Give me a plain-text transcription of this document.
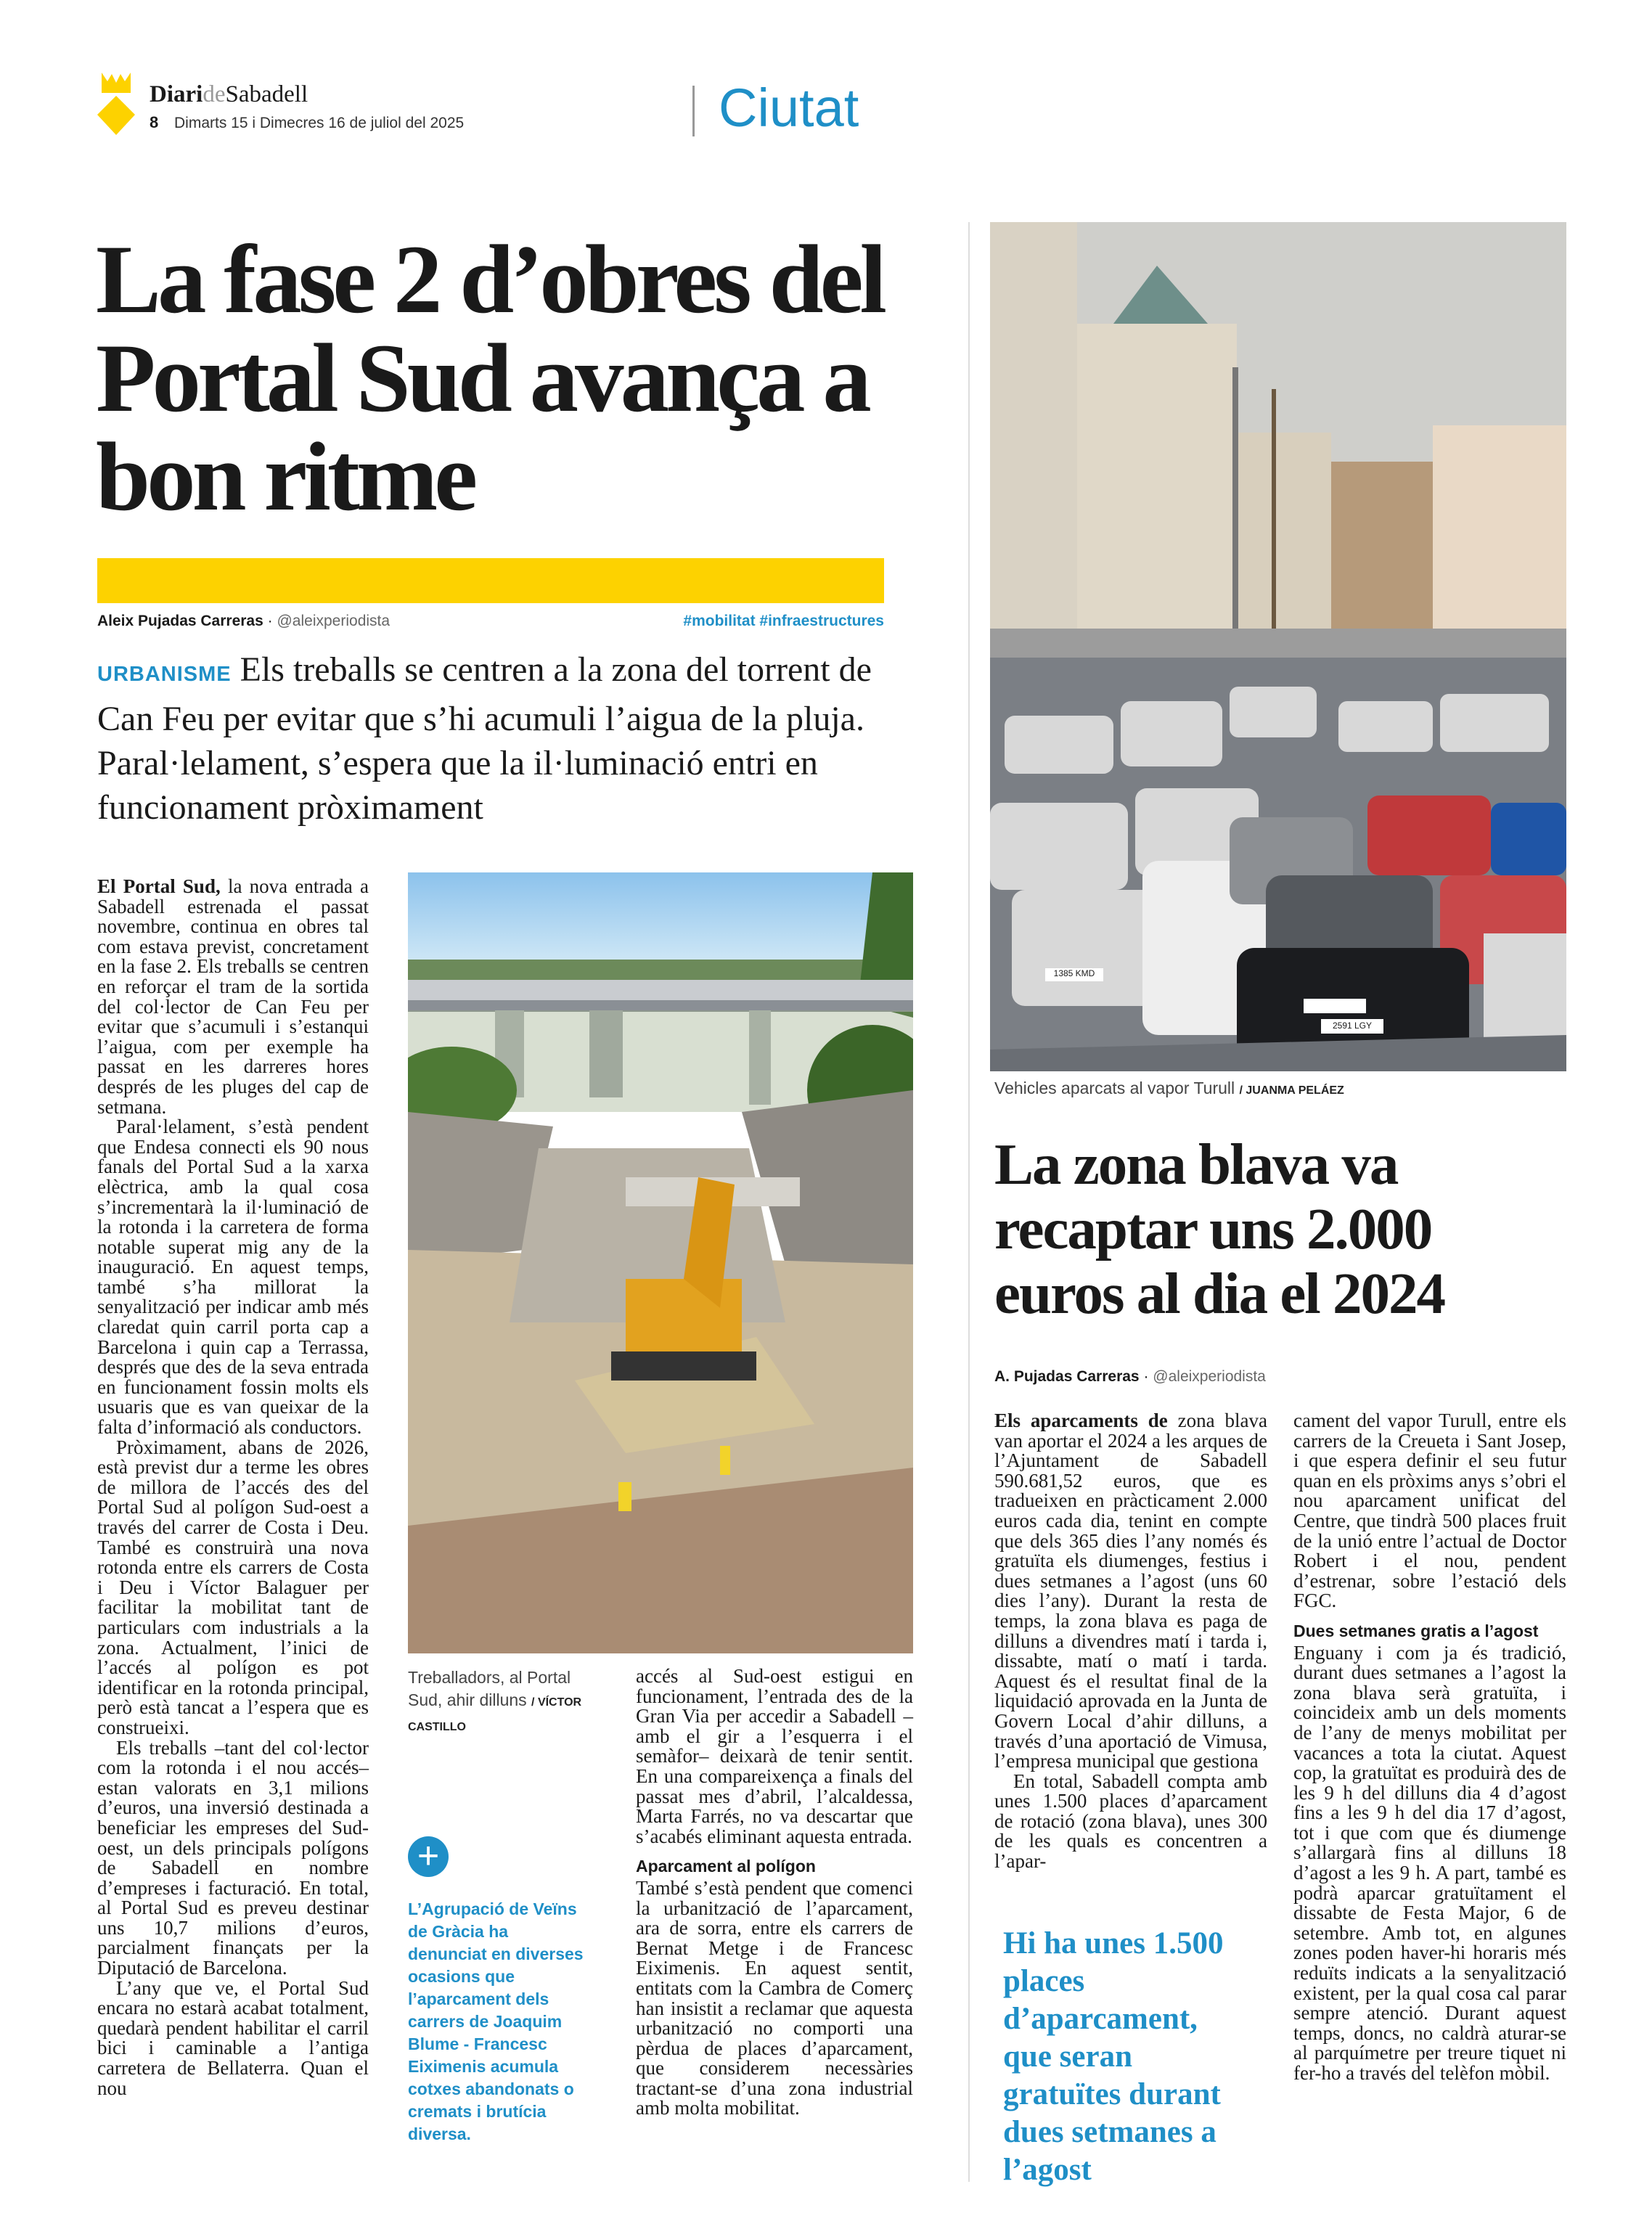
DiarideSabadell
8 Dimarts 15 i Dimecres 16 de juliol del 2025	Ciutat
La fase 2 d’obres del Portal Sud avança a bon ritme
Aleix Pujadas Carreras · @aleixperiodista	#mobilitat #infraestructures
URBANISME Els treballs se centren a la zona del torrent de Can Feu per evitar que s’hi acumuli l’aigua de la pluja. Paral·lelament, s’espera que la il·luminació entri en funcionament pròximament

El Portal Sud, la nova entrada a Sabadell estrenada el passat novembre, continua en obres tal com estava previst, concretament en la fase 2. Els treballs se centren en reforçar el tram de la sortida del col·lector de Can Feu per evitar que s’acumuli i s’estanqui l’aigua, com per exemple ha passat en les darreres hores després de les pluges del cap de setmana.

Paral·lelament, s’està pendent que Endesa connecti els 90 nous fanals del Portal Sud a la xarxa elèctrica, amb la qual cosa s’incrementarà la il·luminació de la rotonda i la carretera de forma notable superat mig any de la inauguració. En aquest temps, també s’ha millorat la senyalització per indicar amb més claredat quin carril porta cap a Barcelona i quin cap a Terrassa, després que des de la seva entrada en funcionament fossin molts els usuaris que es van queixar de la falta d’informació als conductors.

Pròximament, abans de 2026, està previst dur a terme les obres de millora de l’accés des del Portal Sud al polígon Sud-oest a través del carrer de Costa i Deu. També es construirà una nova rotonda entre els carrers de Costa i Deu i Víctor Balaguer per facilitar la mobilitat tant de particulars com industrials a la zona. Actualment, l’inici de l’accés al polígon es pot identificar en la rotonda principal, però està tancat a l’espera que es construeixi.

Els treballs –tant del col·lector com la rotonda i el nou accés– estan valorats en 3,1 milions d’euros, una inversió destinada a beneficiar les empreses del Sud-oest, un dels principals polígons de Sabadell en nombre d’empreses i facturació. En total, al Portal Sud es preveu destinar uns 10,7 milions d’euros, parcialment finançats per la Diputació de Barcelona.

L’any que ve, el Portal Sud encara no estarà acabat totalment, quedarà pendent habilitar el carril bici i caminable a l’antiga carretera de Bellaterra. Quan el nou

Treballadors, al Portal Sud, ahir dilluns / VÍCTOR CASTILLO
+
L’Agrupació de Veïns de Gràcia ha denunciat en diverses ocasions que l’aparcament dels carrers de Joaquim Blume - Francesc Eiximenis acumula cotxes abandonats o cremats i brutícia diversa.

accés al Sud-oest estigui en funcionament, l’entrada des de la Gran Via per accedir a Sabadell –amb el gir a l’esquerra i el semàfor– deixarà de tenir sentit. En una compareixença a finals del passat mes d’abril, l’alcaldessa, Marta Farrés, no va descartar que s’acabés eliminant aquesta entrada.

Aparcament al polígon

També s’està pendent que comenci la urbanització de l’aparcament, ara de sorra, entre els carrers de Bernat Metge i de Francesc Eiximenis. En aquest sentit, entitats com la Cambra de Comerç han insistit a reclamar que aquesta urbanització no comporti una pèrdua de places d’aparcament, que considerem necessàries tractant-se d’una zona industrial amb molta mobilitat.

1385 KMD
2591 LGY
Vehicles aparcats al vapor Turull / JUANMA PELÁEZ
La zona blava va recaptar uns 2.000 euros al dia el 2024
A. Pujadas Carreras · @aleixperiodista

Els aparcaments de zona blava van aportar el 2024 a les arques de l’Ajuntament de Sabadell 590.681,52 euros, que es tradueixen en pràcticament 2.000 euros cada dia, tenint en compte que dels 365 dies l’any només és gratuïta els diumenges, festius i dues setmanes a l’agost (uns 60 dies l’any). Durant la resta de temps, la zona blava es paga de dilluns a divendres matí i tarda i, dissabte, matí o matí i tarda. Aquest és el resultat final de la liquidació aprovada en la Junta de Govern Local d’ahir dilluns, a través d’una aportació de Vimusa, l’empresa municipal que gestiona

En total, Sabadell compta amb unes 1.500 places d’aparcament de rotació (zona blava), unes 300 de les quals es concentren a l’apar-

Hi ha unes 1.500 places d’aparcament, que seran gratuïtes durant dues setmanes a l’agost

cament del vapor Turull, entre els carrers de la Creueta i Sant Josep, i que espera definir el seu futur quan en els pròxims anys s’obri el nou aparcament unificat del Centre, que tindrà 500 places fruit de la unió entre l’actual de Doctor Robert i el nou, pendent d’estrenar, sobre l’estació dels FGC.

Dues setmanes gratis a l’agost

Enguany i com ja és tradició, durant dues setmanes a l’agost la zona blava serà gratuïta, i coincideix amb un dels moments de l’any de menys mobilitat per vacances a tota la ciutat. Aquest cop, la gratuïtat es produirà des de les 9 h del dilluns dia 4 d’agost fins a les 9 h del dia 17 d’agost, tot i que com que és diumenge s’allargarà fins al dilluns 18 d’agost a les 9 h. A part, també es podrà aparcar gratuïtament el dissabte de Festa Major, 6 de setembre. Amb tot, en algunes zones poden haver-hi horaris més reduïts indicats a la senyalització existent, per la qual cosa cal parar sempre atenció. Durant aquest temps, doncs, no caldrà aturar-se al parquímetre per treure tiquet ni fer-ho a través del telèfon mòbil.
